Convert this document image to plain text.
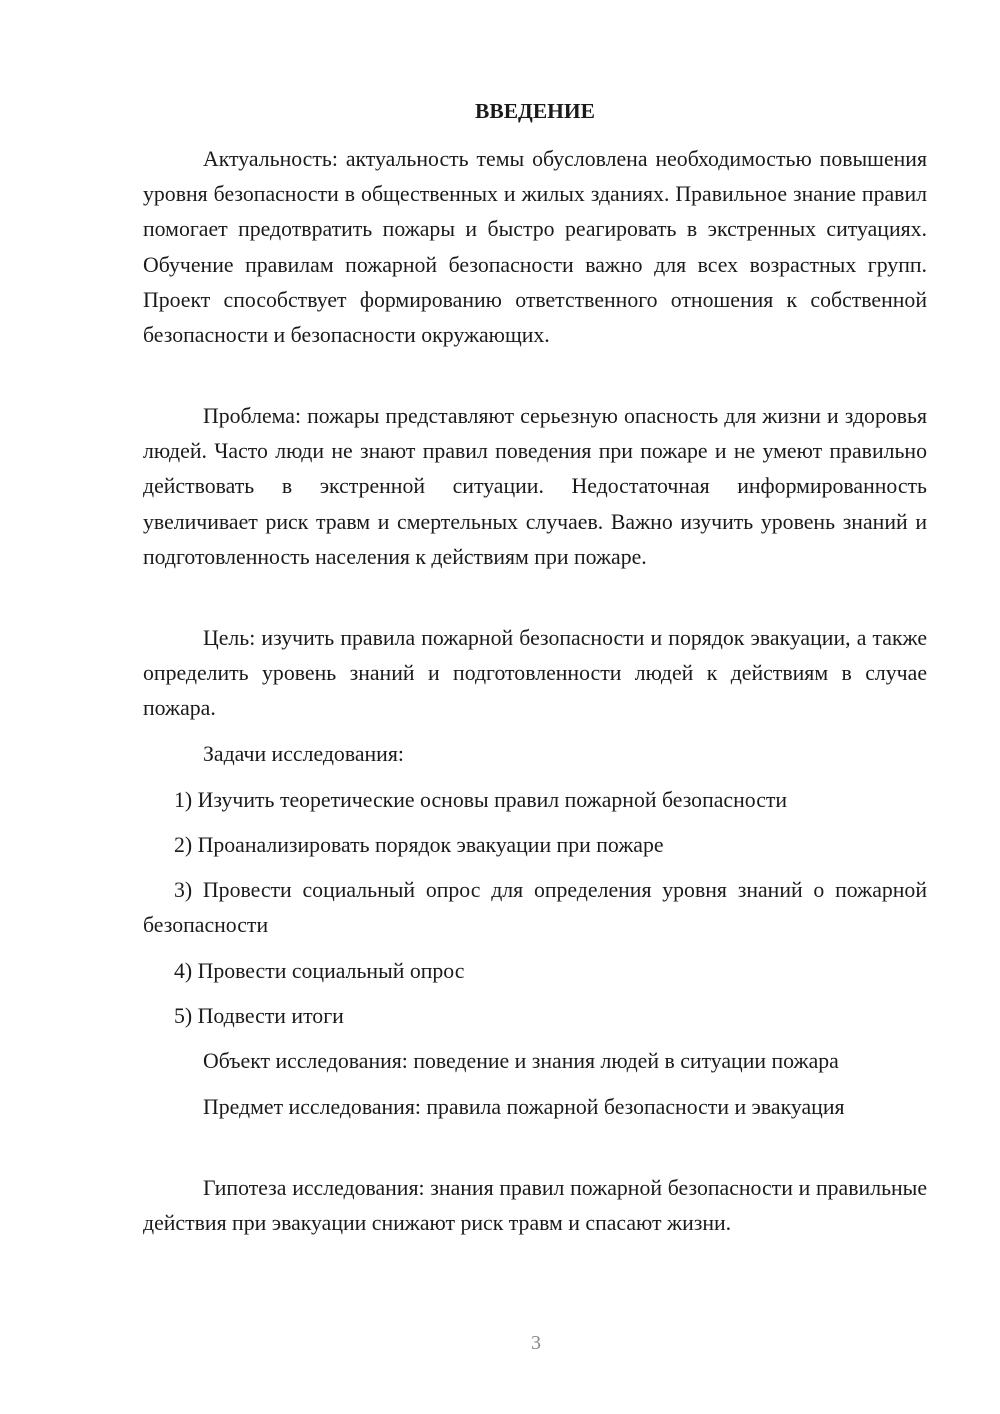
ВВЕДЕНИЕ

Актуальность: актуальность темы обусловлена необходимостью повышения уровня безопасности в общественных и жилых зданиях. Правильное знание правил помогает предотвратить пожары и быстро реагировать в экстренных ситуациях. Обучение правилам пожарной безопасности важно для всех возрастных групп. Проект способствует формированию ответственного отношения к собственной безопасности и безопасности окружающих.

Проблема: пожары представляют серьезную опасность для жизни и здоровья людей. Часто люди не знают правил поведения при пожаре и не умеют правильно действовать в экстренной ситуации. Недостаточная информированность увеличивает риск травм и смертельных случаев. Важно изучить уровень знаний и подготовленность населения к действиям при пожаре.

Цель: изучить правила пожарной безопасности и порядок эвакуации, а также определить уровень знаний и подготовленности людей к действиям в случае пожара.

Задачи исследования:

1) Изучить теоретические основы правил пожарной безопасности

2) Проанализировать порядок эвакуации при пожаре

3) Провести социальный опрос для определения уровня знаний о пожарной безопасности

4) Провести социальный опрос

5) Подвести итоги

Объект исследования: поведение и знания людей в ситуации пожара

Предмет исследования: правила пожарной безопасности и эвакуация

Гипотеза исследования: знания правил пожарной безопасности и правильные действия при эвакуации снижают риск травм и спасают жизни.

3
